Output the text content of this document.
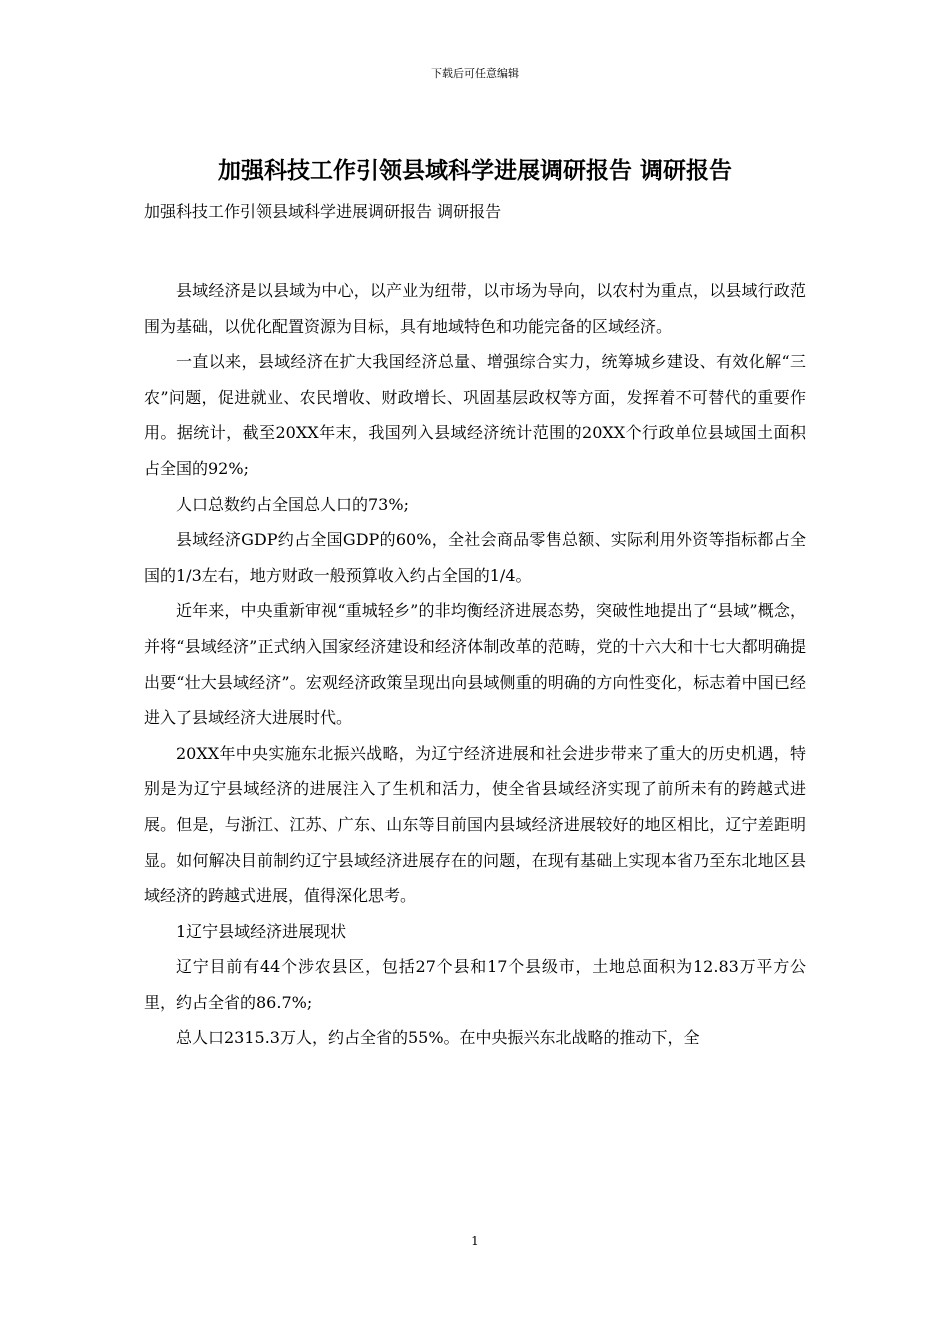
下载后可任意编辑
加强科技工作引领县域科学进展调研报告 调研报告
加强科技工作引领县域科学进展调研报告 调研报告

县域经济是以县域为中心，以产业为纽带，以市场为导向，以农村为重点，以县域行政范围为基础，以优化配置资源为目标，具有地域特色和功能完备的区域经济。

一直以来，县域经济在扩大我国经济总量、增强综合实力，统筹城乡建设、有效化解“三农”问题，促进就业、农民增收、财政增长、巩固基层政权等方面，发挥着不可替代的重要作用。据统计，截至20XX年末，我国列入县域经济统计范围的20XX个行政单位县域国土面积占全国的92%;

人口总数约占全国总人口的73%;

县域经济GDP约占全国GDP的60%，全社会商品零售总额、实际利用外资等指标都占全国的1/3左右，地方财政一般预算收入约占全国的1/4。

近年来，中央重新审视“重城轻乡”的非均衡经济进展态势，突破性地提出了“县域”概念，并将“县域经济”正式纳入国家经济建设和经济体制改革的范畴，党的十六大和十七大都明确提出要“壮大县域经济”。宏观经济政策呈现出向县域侧重的明确的方向性变化，标志着中国已经进入了县域经济大进展时代。

20XX年中央实施东北振兴战略，为辽宁经济进展和社会进步带来了重大的历史机遇，特别是为辽宁县域经济的进展注入了生机和活力，使全省县域经济实现了前所未有的跨越式进展。但是，与浙江、江苏、广东、山东等目前国内县域经济进展较好的地区相比，辽宁差距明显。如何解决目前制约辽宁县域经济进展存在的问题，在现有基础上实现本省乃至东北地区县域经济的跨越式进展，值得深化思考。

1辽宁县域经济进展现状

辽宁目前有44个涉农县区，包括27个县和17个县级市，土地总面积为12.83万平方公里，约占全省的86.7%;

总人口2315.3万人，约占全省的55%。在中央振兴东北战略的推动下，全

1
